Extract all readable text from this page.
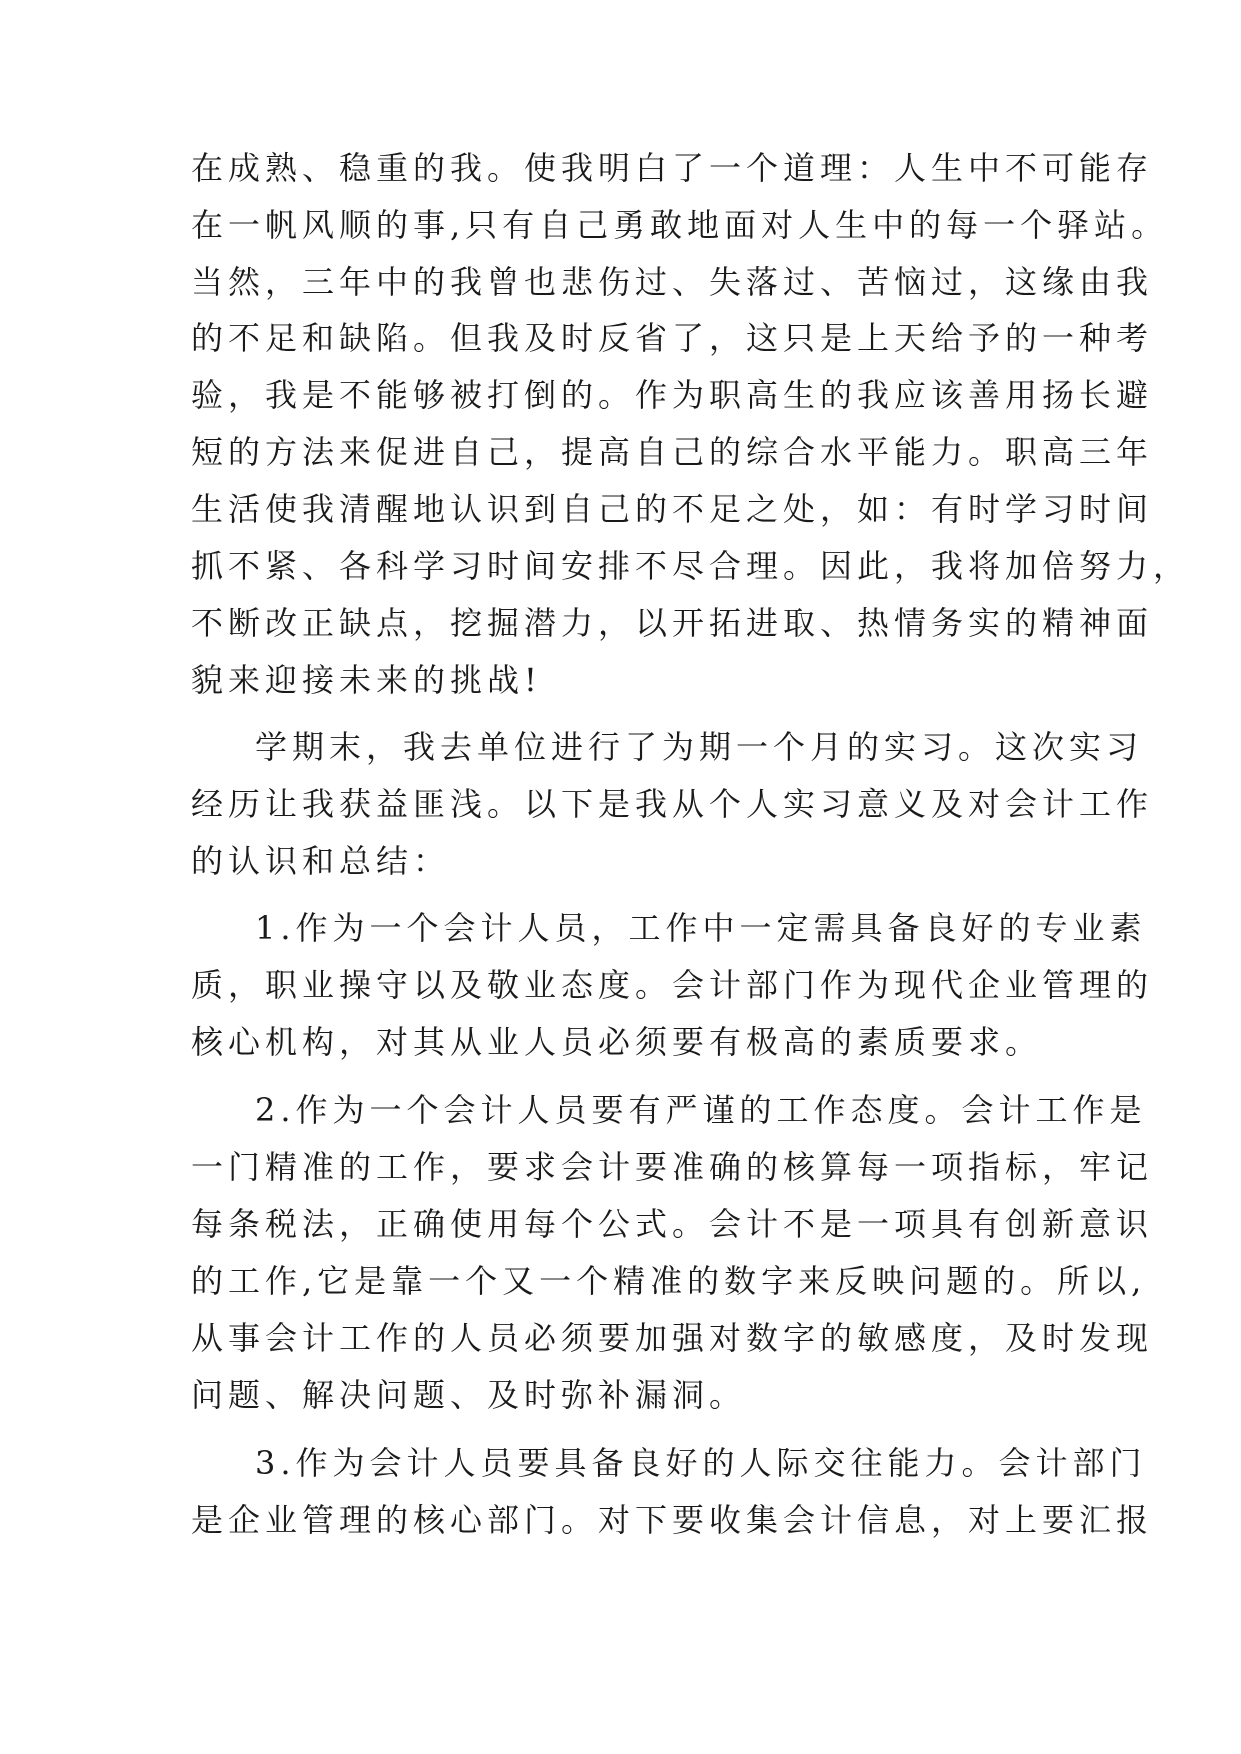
在成熟、稳重的我。使我明白了一个道理：人生中不可能存
在一帆风顺的事,只有自己勇敢地面对人生中的每一个驿站。
当然，三年中的我曾也悲伤过、失落过、苦恼过，这缘由我
的不足和缺陷。但我及时反省了，这只是上天给予的一种考
验，我是不能够被打倒的。作为职高生的我应该善用扬长避
短的方法来促进自己，提高自己的综合水平能力。职高三年
生活使我清醒地认识到自己的不足之处，如：有时学习时间
抓不紧、各科学习时间安排不尽合理。因此，我将加倍努力，
不断改正缺点，挖掘潜力，以开拓进取、热情务实的精神面
貌来迎接未来的挑战!
学期末，我去单位进行了为期一个月的实习。这次实习
经历让我获益匪浅。以下是我从个人实习意义及对会计工作
的认识和总结：
1.作为一个会计人员，工作中一定需具备良好的专业素
质，职业操守以及敬业态度。会计部门作为现代企业管理的
核心机构，对其从业人员必须要有极高的素质要求。
2.作为一个会计人员要有严谨的工作态度。会计工作是
一门精准的工作，要求会计要准确的核算每一项指标，牢记
每条税法，正确使用每个公式。会计不是一项具有创新意识
的工作,它是靠一个又一个精准的数字来反映问题的。所以,
从事会计工作的人员必须要加强对数字的敏感度，及时发现
问题、解决问题、及时弥补漏洞。
3.作为会计人员要具备良好的人际交往能力。会计部门
是企业管理的核心部门。对下要收集会计信息，对上要汇报
